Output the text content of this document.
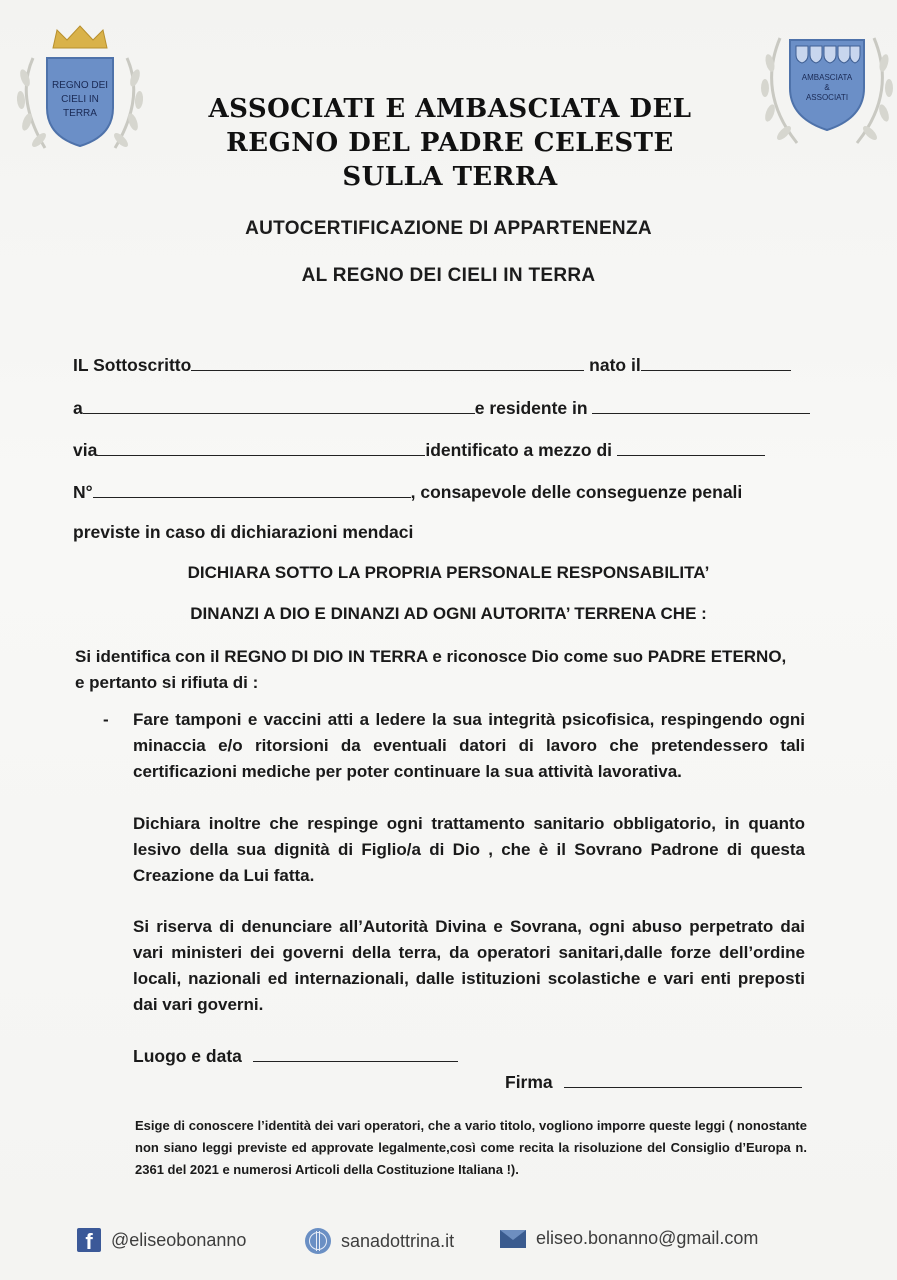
REGNO DEI
CIELI IN
TERRA
AMBASCIATA
&
ASSOCIATI
ASSOCIATI E AMBASCIATA DEL
REGNO DEL PADRE CELESTE
SULLA TERRA
AUTOCERTIFICAZIONE DI APPARTENENZA
AL REGNO DEI CIELI IN TERRA
IL Sottoscritto	nato il
a	e residente in
via	identificato a mezzo di
N°	, consapevole delle conseguenze penali
previste in caso di dichiarazioni mendaci
DICHIARA SOTTO LA PROPRIA PERSONALE RESPONSABILITA’
DINANZI A DIO E DINANZI AD OGNI AUTORITA’ TERRENA CHE :
Si identifica con il REGNO DI DIO IN TERRA e riconosce Dio come suo PADRE ETERNO,
e pertanto si rifiuta di :
- Fare tamponi e vaccini atti a ledere la sua integrità psicofisica, respingendo ogni minaccia e/o ritorsioni da eventuali datori di lavoro che pretendessero tali certificazioni mediche per poter continuare la sua attività lavorativa.
Dichiara inoltre che respinge ogni trattamento sanitario obbligatorio, in quanto lesivo della sua dignità di Figlio/a di Dio , che è il Sovrano Padrone di questa Creazione da Lui fatta.
Si riserva di denunciare all’Autorità Divina e Sovrana, ogni abuso perpetrato dai vari ministeri dei governi della terra, da operatori sanitari,dalle forze dell’ordine locali, nazionali ed internazionali, dalle istituzioni scolastiche e vari enti preposti dai vari governi.
Luogo e data
Firma
Esige di conoscere l’identità dei vari operatori, che a vario titolo, vogliono imporre queste leggi ( nonostante non siano leggi previste ed approvate legalmente,così come recita la risoluzione del Consiglio d’Europa n. 2361 del 2021 e numerosi Articoli della Costituzione Italiana !).
f	@eliseobonanno	sanadottrina.it	eliseo.bonanno@gmail.com
